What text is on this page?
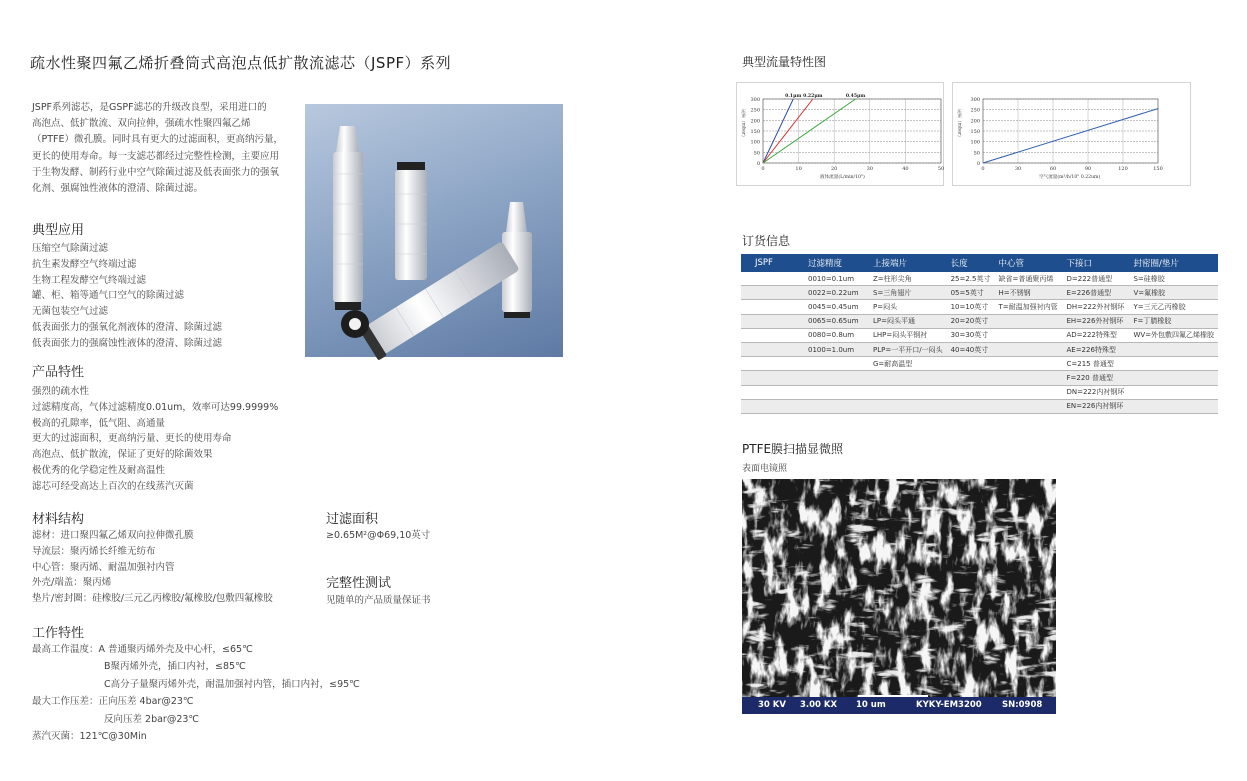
疏水性聚四氟乙烯折叠筒式高泡点低扩散流滤芯（JSPF）系列
JSPF系列滤芯，是GSPF滤芯的升级改良型，采用进口的
高泡点、低扩散流、双向拉伸，强疏水性聚四氟乙烯
（PTFE）微孔膜。同时具有更大的过滤面积，更高纳污量，
更长的使用寿命。每一支滤芯都经过完整性检测，主要应用
于生物发酵、制药行业中空气除菌过滤及低表面张力的强氧
化剂、强腐蚀性液体的澄清、除菌过滤。
典型应用
压缩空气除菌过滤
抗生素发酵空气终端过滤
生物工程发酵空气终端过滤
罐、柜、箱等通气口空气的除菌过滤
无菌包装空气过滤
低表面张力的强氧化剂液体的澄清、除菌过滤
低表面张力的强腐蚀性液体的澄清、除菌过滤
产品特性
强烈的疏水性
过滤精度高，气体过滤精度0.01um，效率可达99.9999%
极高的孔隙率，低气阻、高通量
更大的过滤面积，更高纳污量、更长的使用寿命
高泡点、低扩散流，保证了更好的除菌效果
极优秀的化学稳定性及耐高温性
滤芯可经受高达上百次的在线蒸汽灭菌
材料结构
滤材：进口聚四氟乙烯双向拉伸微孔膜
导流层：聚丙烯长纤维无纺布
中心管：聚丙烯、耐温加强衬内管
外壳/端盖：聚丙烯
垫片/密封圈：硅橡胶/三元乙丙橡胶/氟橡胶/包敷四氟橡胶
过滤面积
≥0.65M²@Φ69,10英寸
完整性测试
见随单的产品质量保证书
工作特性
最高工作温度：A 普通聚丙烯外壳及中心杆，≤65℃
B聚丙烯外壳，插口内衬，≤85℃
C高分子量聚丙烯外壳，耐温加强衬内管，插口内衬，≤95℃
最大工作压差：正向压差 4bar@23℃
反向压差 2bar@23℃
蒸汽灭菌：121℃@30Min
典型流量特性图
300
250
200
150
100
50
0
0	10	20	30	40	50
液体流量(L/min/10")
压差（mbar）
0.1μm 0.22μm	0.45μm
300
250
200
150
100
50
0
0	30	60	90	120	150
空气流量(m³/h/10" 0.22um)
压差（mbar）
订货信息
JSPF	过滤精度	上接端片	长度	中心管	下接口	封密圈/垫片
	0010=0.1um	Z=柱形尖角	25=2.5英寸	缺省=普通聚丙烯	D=222普通型	S=硅橡胶
	0022=0.22um	S=三角翅片	05=5英寸	H=不锈钢	E=226普通型	V=氟橡胶
	0045=0.45um	P=闷头	10=10英寸	T=耐温加强衬内管	DH=222外衬钢环	Y=三元乙丙橡胶
	0065=0.65um	LP=闷头平通	20=20英寸		EH=226外衬钢环	F=丁腈橡胶
	0080=0.8um	LHP=闷头平钢衬	30=30英寸		AD=222特殊型	WV=外包敷四氟乙烯橡胶
	0100=1.0um	PLP=一平开口/一闷头	40=40英寸		AE=226特殊型	
		G=耐高温型			C=215 普通型	
					F=220 普通型	
					DN=222内衬钢环	
					EN=226内衬钢环	
PTFE膜扫描显微照
表面电镜照
30 KV 3.00 KX 10 um	KYKY-EM3200 SN:0908
